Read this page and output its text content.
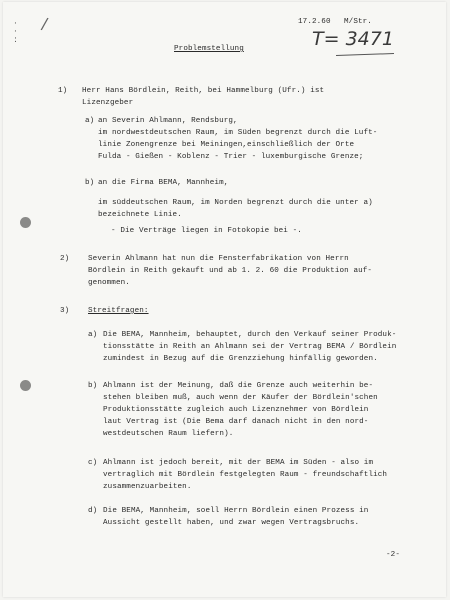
·
·
:
/	17.2.60 M/Str.
T= 3471
Problemstellung
1) Herr Hans Bördlein, Reith, bei Hammelburg (Ufr.) ist
Lizenzgeber
a) an Severin Ahlmann, Rendsburg,
im nordwestdeutschen Raum, im Süden begrenzt durch die Luft-
linie Zonengrenze bei Meiningen,einschließlich der Orte
Fulda - Gießen - Koblenz - Trier - luxemburgische Grenze;
b) an die Firma BEMA, Mannheim,
im süddeutschen Raum, im Norden begrenzt durch die unter a)
bezeichnete Linie.
- Die Verträge liegen in Fotokopie bei -.
2) Severin Ahlmann hat nun die Fensterfabrikation von Herrn
Bördlein in Reith gekauft und ab 1. 2. 60 die Produktion auf-
genommen.
3) Streitfragen:
a) Die BEMA, Mannheim, behauptet, durch den Verkauf seiner Produk-
tionsstätte in Reith an Ahlmann sei der Vertrag BEMA / Bördlein
zumindest in Bezug auf die Grenzziehung hinfällig geworden.
b) Ahlmann ist der Meinung, daß die Grenze auch weiterhin be-
stehen bleiben muß, auch wenn der Käufer der Bördlein'schen
Produktionsstätte zugleich auch Lizenznehmer von Bördlein
laut Vertrag ist (Die Bema darf danach nicht in den nord-
westdeutschen Raum liefern).
c) Ahlmann ist jedoch bereit, mit der BEMA im Süden - also im
vertraglich mit Bördlein festgelegten Raum - freundschaftlich
zusammenzuarbeiten.
d) Die BEMA, Mannheim, soell Herrn Bördlein einen Prozess in
Aussicht gestellt haben, und zwar wegen Vertragsbruchs.
-2-
